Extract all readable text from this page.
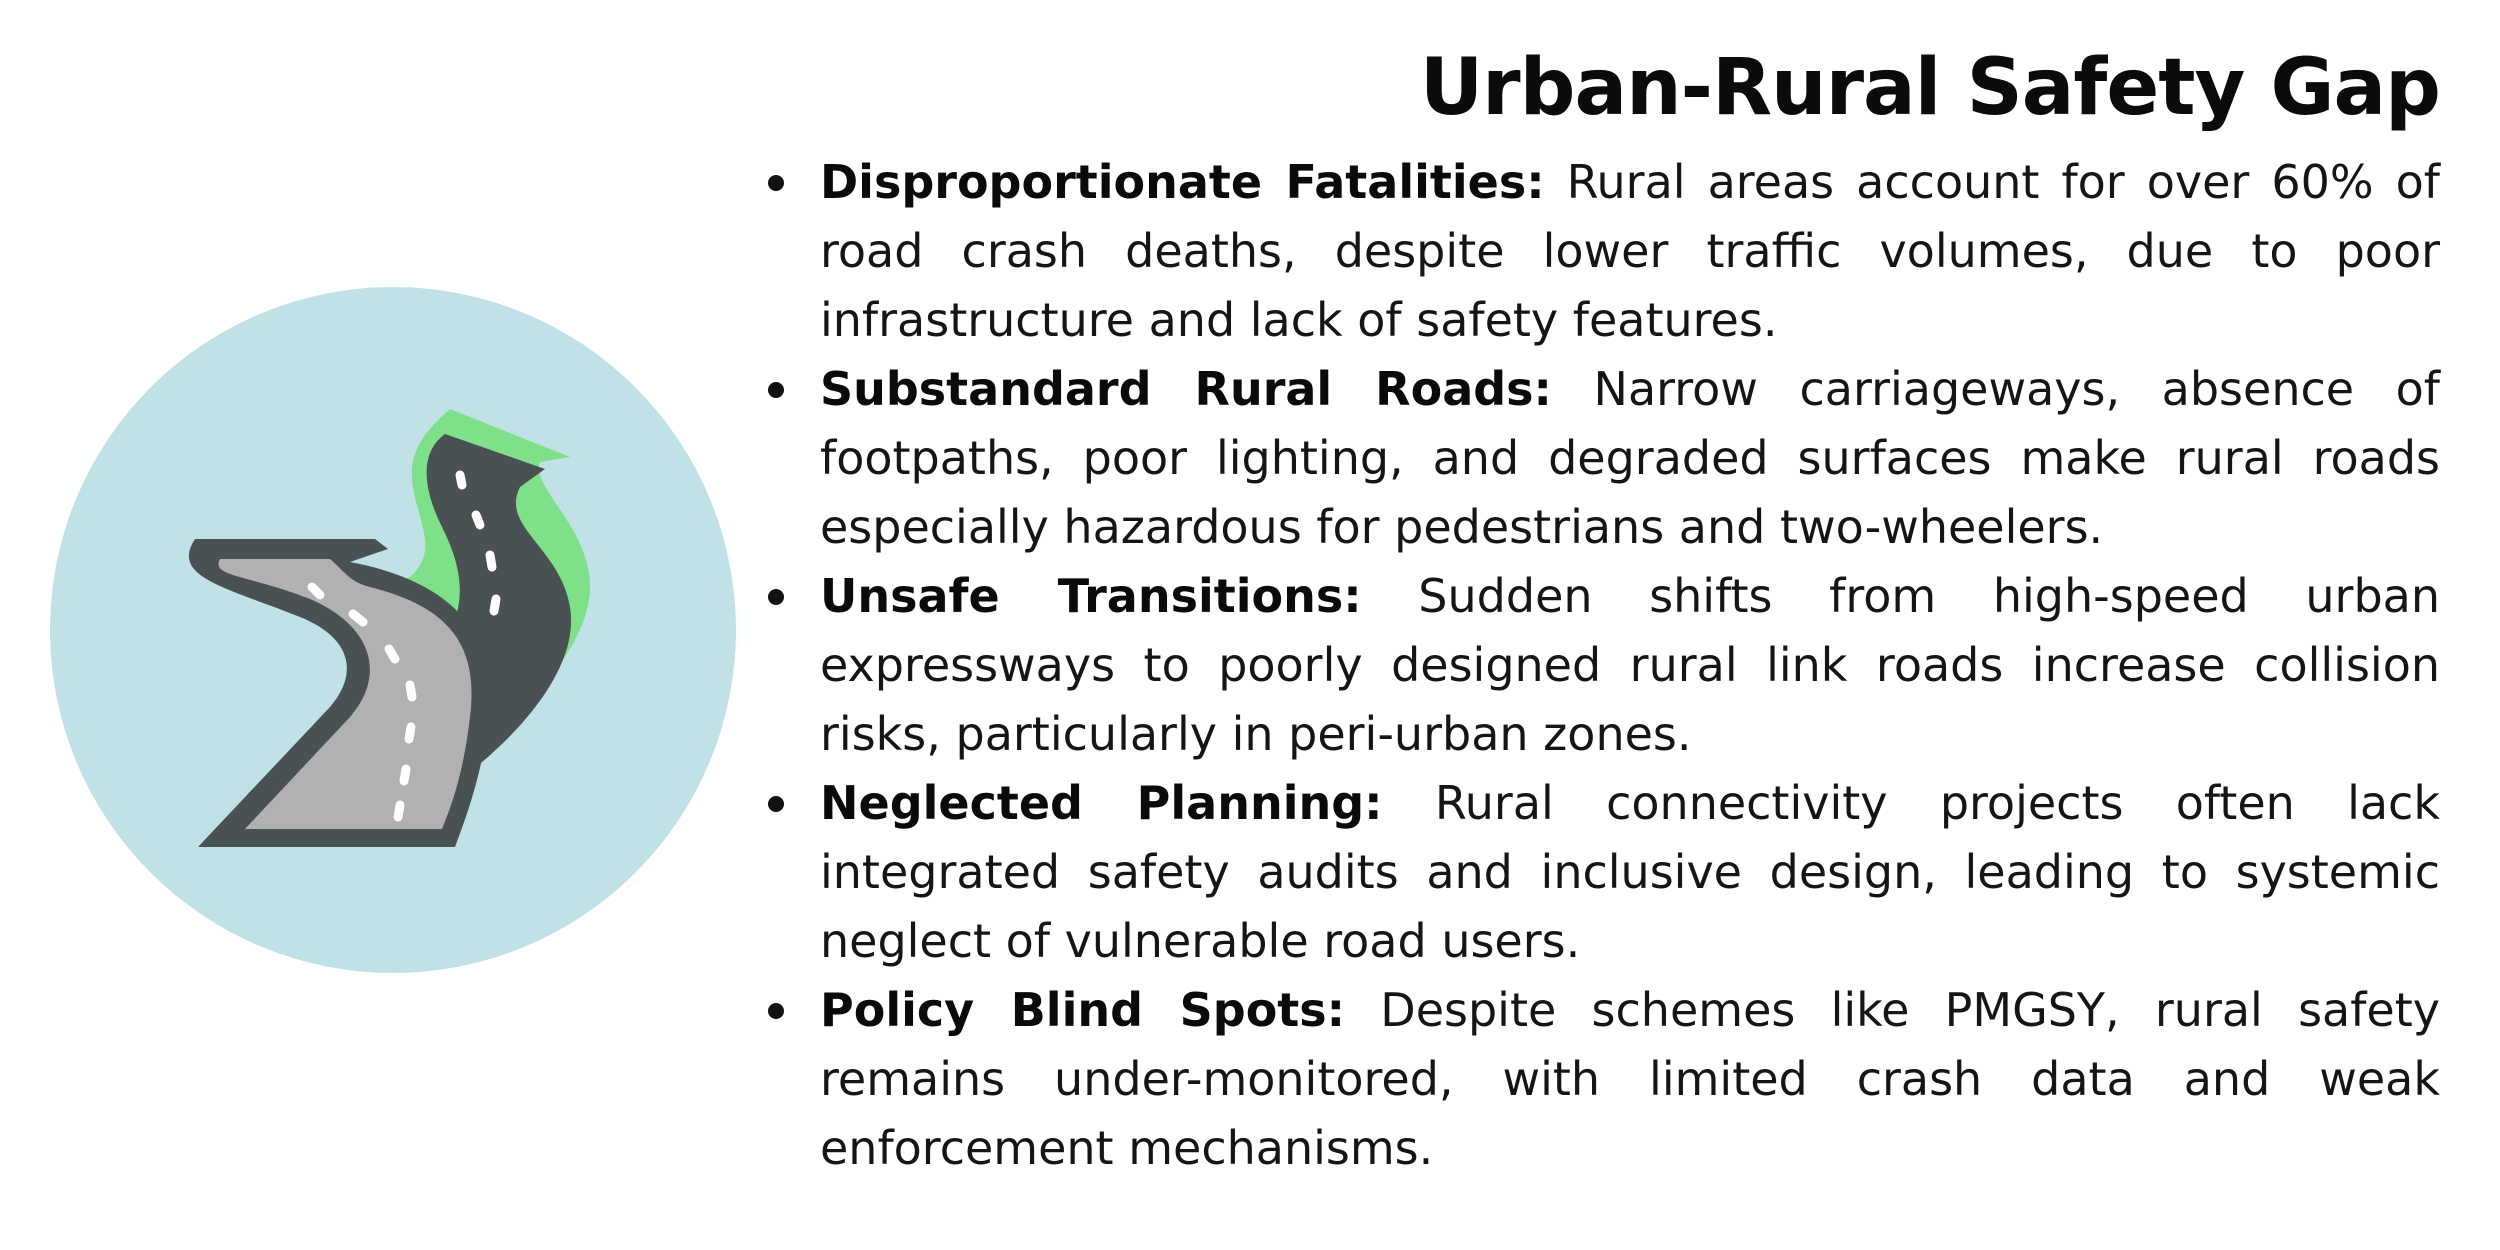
Urban-Rural Safety Gap
Disproportionate Fatalities: Rural areas account for over 60% of road crash deaths, despite lower traffic volumes, due to poor infrastructure and lack of safety features.
Substandard Rural Roads: Narrow carriageways, absence of footpaths, poor lighting, and degraded surfaces make rural roads especially hazardous for pedestrians and two-wheelers.
Unsafe Transitions: Sudden shifts from high-speed urban expressways to poorly designed rural link roads increase collision risks, particularly in peri-urban zones.
Neglected Planning: Rural connectivity projects often lack integrated safety audits and inclusive design, leading to systemic neglect of vulnerable road users.
Policy Blind Spots: Despite schemes like PMGSY, rural safety remains under-monitored, with limited crash data and weak enforcement mechanisms.
